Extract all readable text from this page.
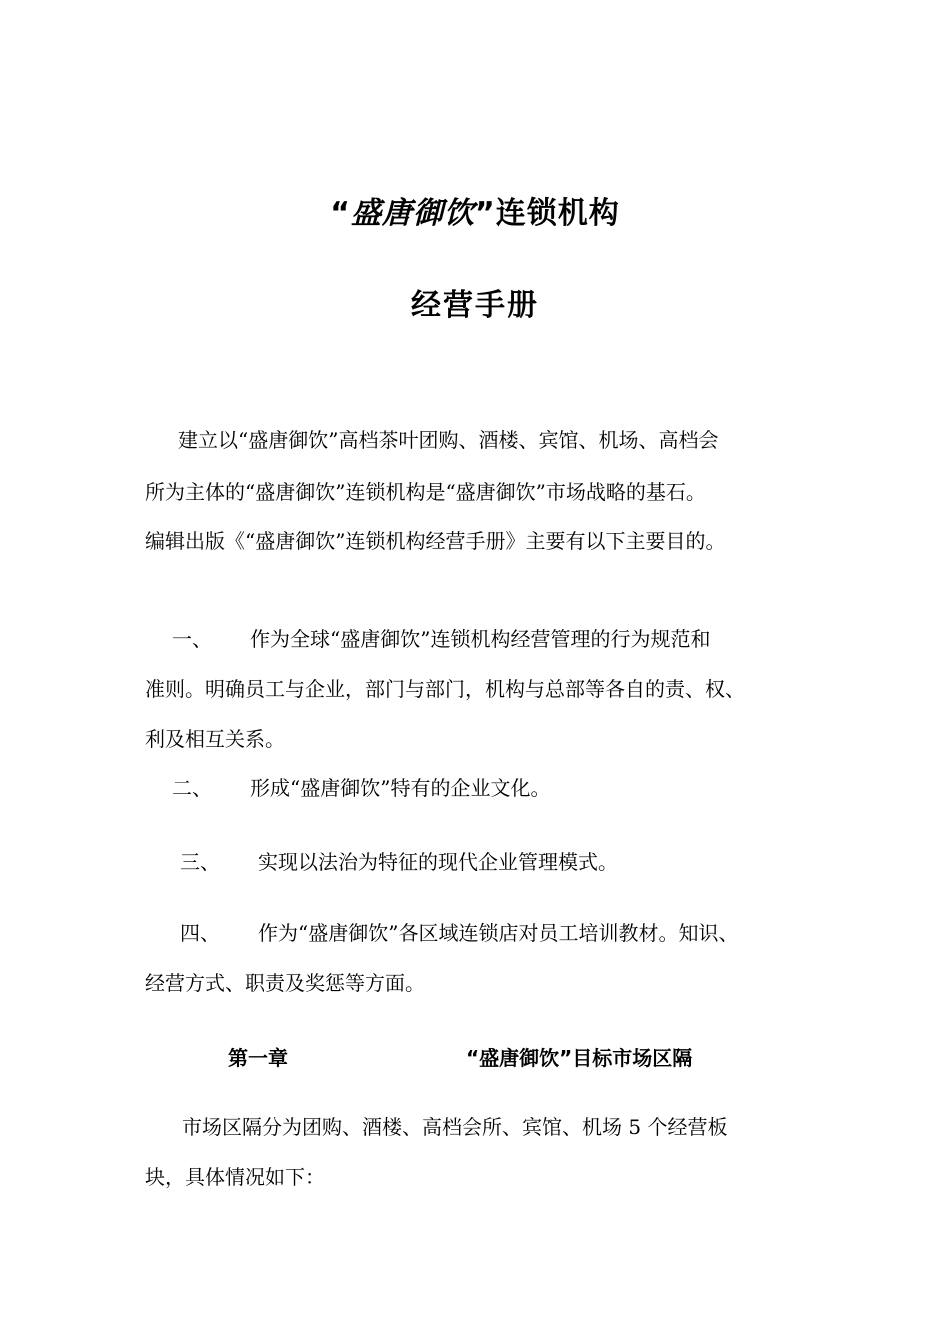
“盛唐御饮”连锁机构
经营手册
建立以“盛唐御饮”高档茶叶团购、酒楼、宾馆、机场、高档会
所为主体的“盛唐御饮”连锁机构是“盛唐御饮”市场战略的基石。
编辑出版《“盛唐御饮”连锁机构经营手册》主要有以下主要目的。
一、 作为全球“盛唐御饮”连锁机构经营管理的行为规范和
准则。明确员工与企业，部门与部门，机构与总部等各自的责、权、
利及相互关系。
二、 形成“盛唐御饮”特有的企业文化。
三、 实现以法治为特征的现代企业管理模式。
四、 作为“盛唐御饮”各区域连锁店对员工培训教材。知识、
经营方式、职责及奖惩等方面。
第一章	“盛唐御饮”目标市场区隔
市场区隔分为团购、酒楼、高档会所、宾馆、机场 5 个经营板
块，具体情况如下：
